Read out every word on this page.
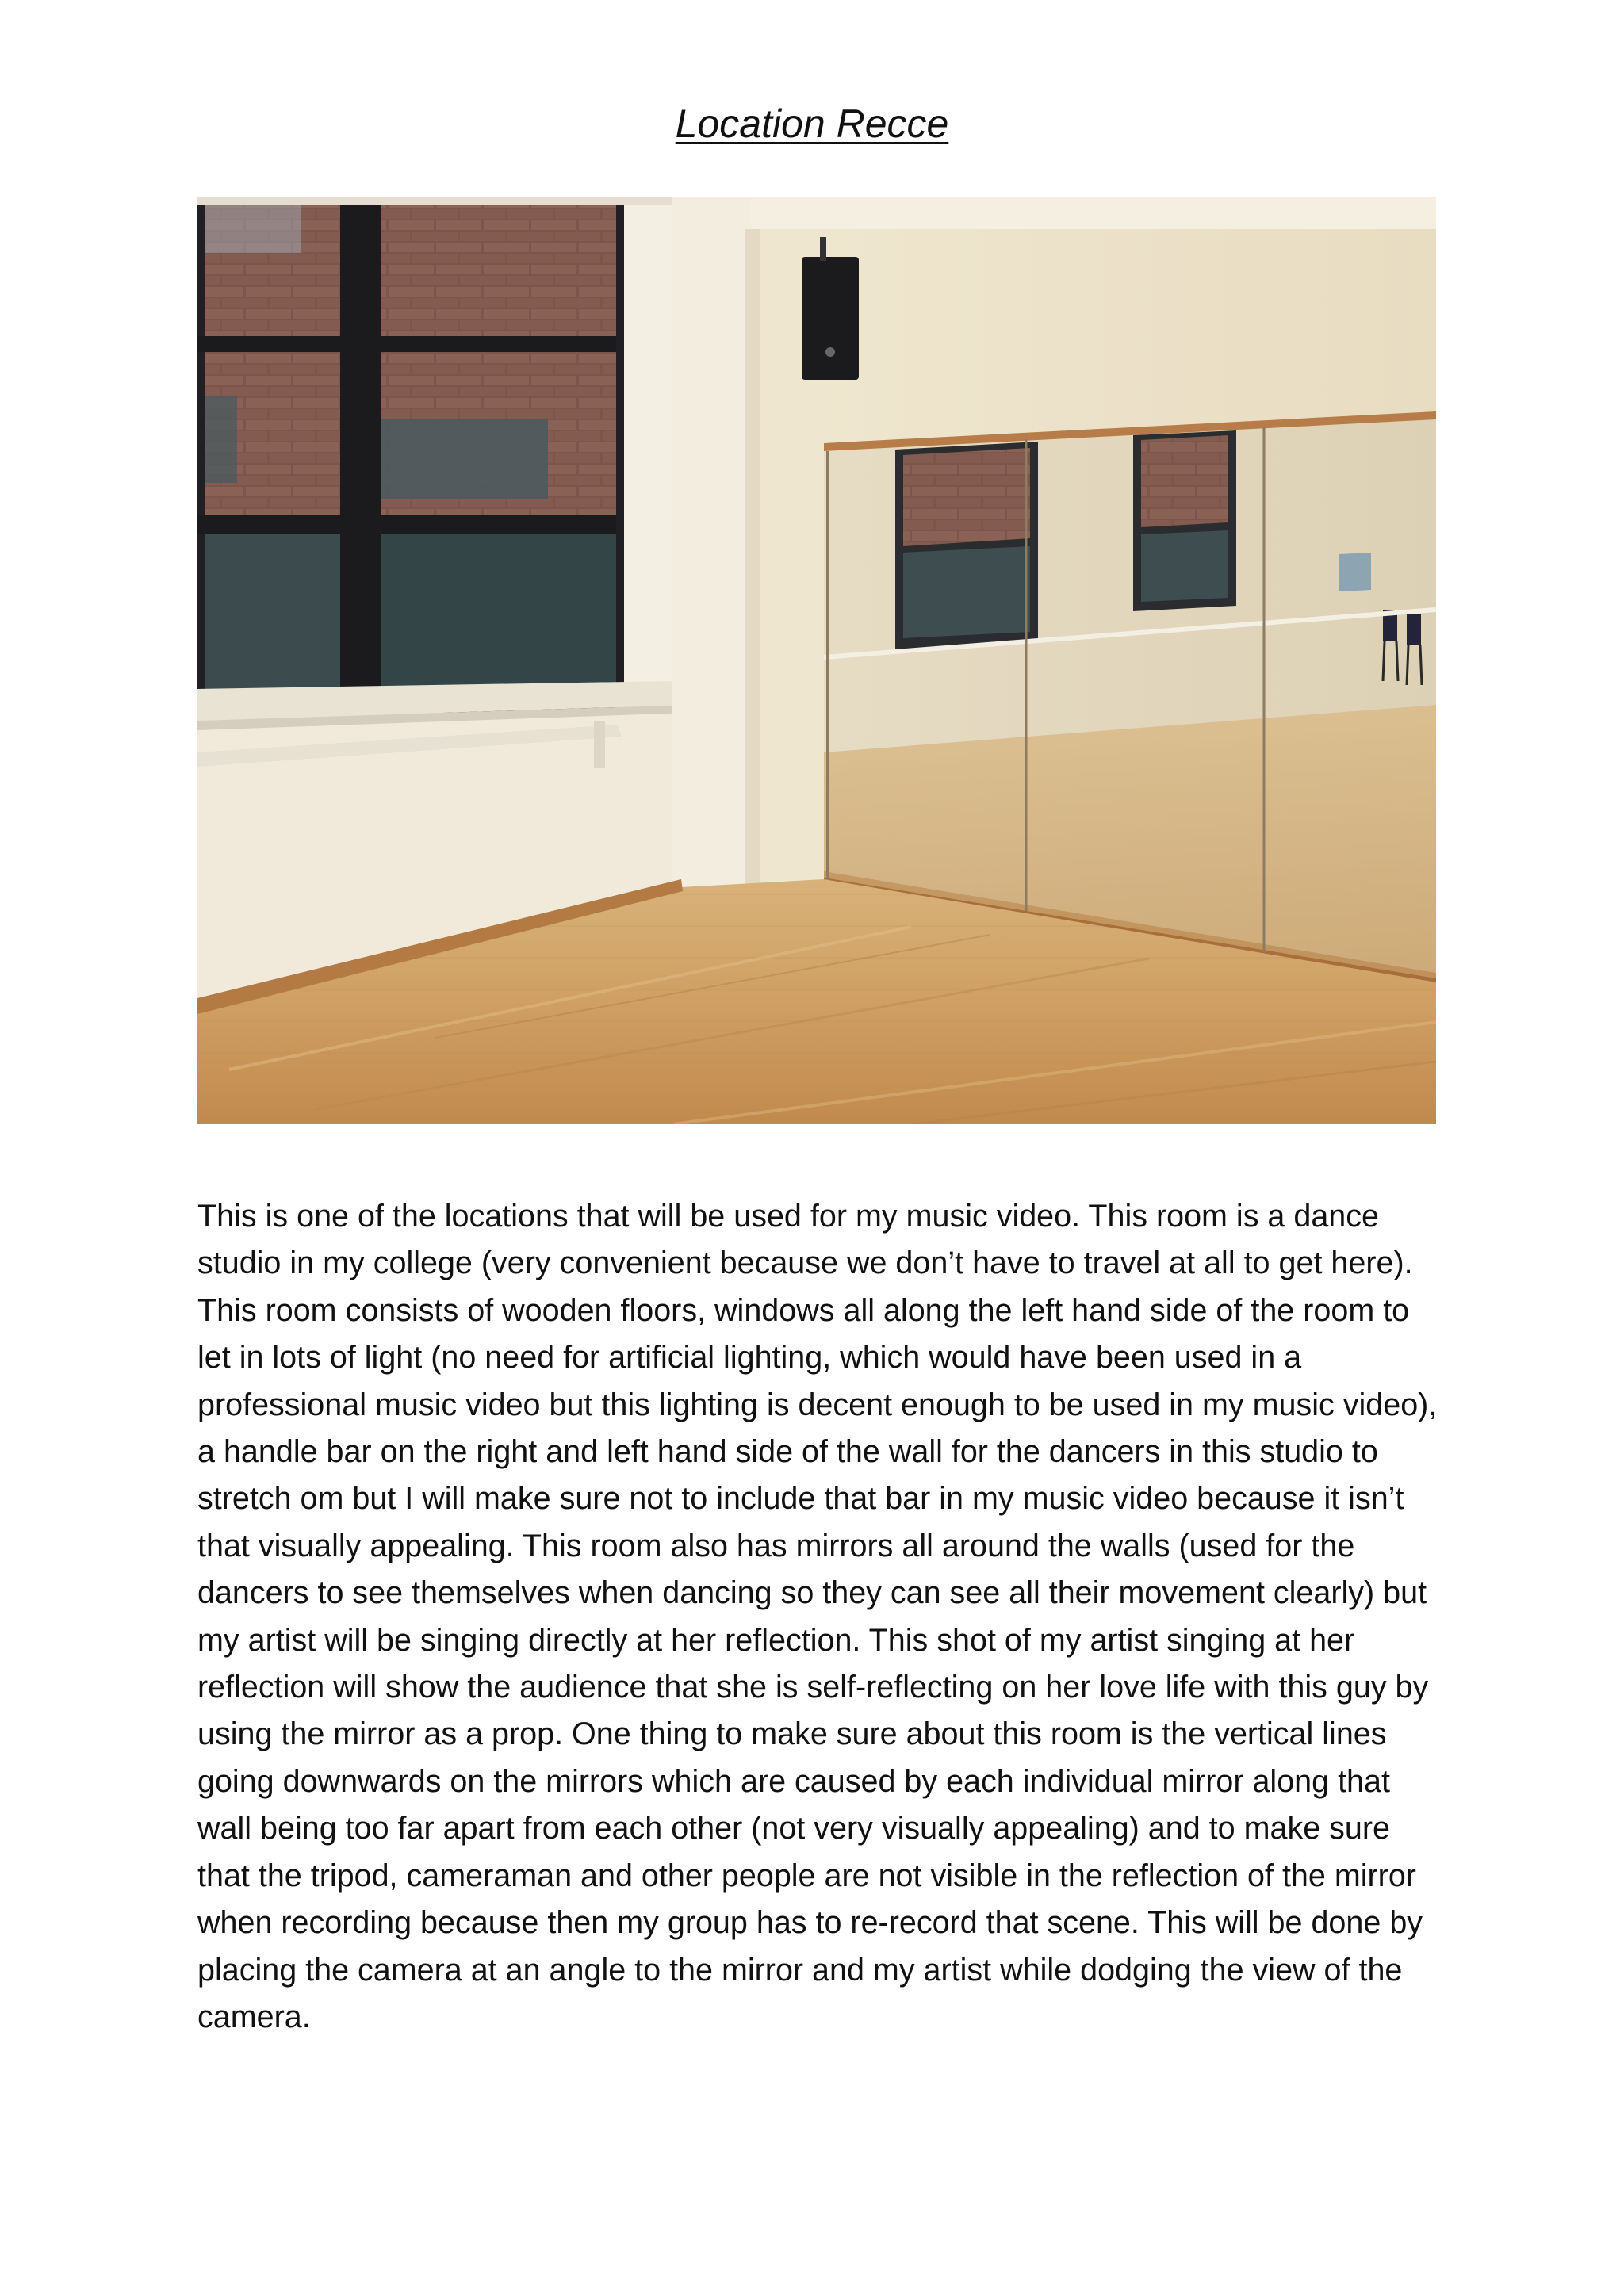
Location Recce

This is one of the locations that will be used for my music video. This room is a dance studio in my college (very convenient because we don’t have to travel at all to get here). This room consists of wooden floors, windows all along the left hand side of the room to let in lots of light (no need for artificial lighting, which would have been used in a professional music video but this lighting is decent enough to be used in my music video), a handle bar on the right and left hand side of the wall for the dancers in this studio to stretch om but I will make sure not to include that bar in my music video because it isn’t that visually appealing. This room also has mirrors all around the walls (used for the dancers to see themselves when dancing so they can see all their movement clearly) but my artist will be singing directly at her reflection. This shot of my artist singing at her reflection will show the audience that she is self-reflecting on her love life with this guy by using the mirror as a prop. One thing to make sure about this room is the vertical lines going downwards on the mirrors which are caused by each individual mirror along that wall being too far apart from each other (not very visually appealing) and to make sure that the tripod, cameraman and other people are not visible in the reflection of the mirror when recording because then my group has to re-record that scene. This will be done by placing the camera at an angle to the mirror and my artist while dodging the view of the camera.
